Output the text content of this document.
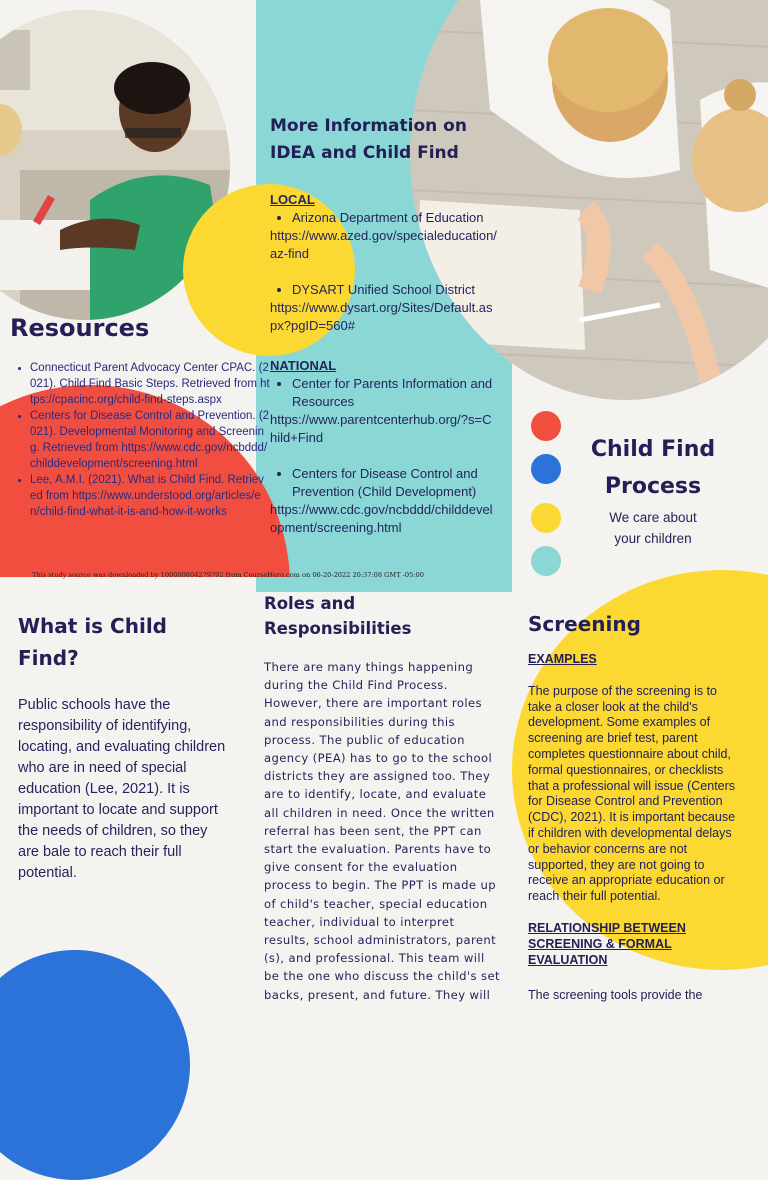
Resources
• Connecticut Parent Advocacy Center CPAC. (2021). Child Find Basic Steps. Retrieved from https://cpacinc.org/child-find-steps.aspx
• Centers for Disease Control and Prevention. (2021). Developmental Monitoring and Screening. Retrieved from https://www.cdc.gov/ncbddd/childdevelopment/screening.html
• Lee, A.M.I. (2021). What is Child Find. Retrieved from https://www.understood.org/articles/en/child-find-what-it-is-and-how-it-works
This study source was downloaded by 100000804279792 from CourseHero.com on 06-20-2022 20:37:08 GMT -05:00
More Information on
IDEA and Child Find
LOCAL
• Arizona Department of Education
https://www.azed.gov/specialeducation/az-find
• DYSART Unified School District
https://www.dysart.org/Sites/Default.aspx?pgID=560#
NATIONAL
• Center for Parents Information and Resources
https://www.parentcenterhub.org/?s=Child+Find
• Centers for Disease Control and Prevention (Child Development)
https://www.cdc.gov/ncbddd/childdevelopment/screening.html
Child Find
Process
We care about
your children
What is Child
Find?
Public schools have the responsibility of identifying, locating, and evaluating children who are in need of special education (Lee, 2021). It is important to locate and support the needs of children, so they are bale to reach their full potential.
Roles and
Responsibilities
There are many things happening during the Child Find Process. However, there are important roles and responsibilities during this process. The public of education agency (PEA) has to go to the school districts they are assigned too. They are to identify, locate, and evaluate all children in need. Once the written referral has been sent, the PPT can start the evaluation. Parents have to give consent for the evaluation process to begin. The PPT is made up of child's teacher, special education teacher, individual to interpret results, school administrators, parent (s), and professional. This team will be the one who discuss the child's set backs, present, and future. They will
Screening
EXAMPLES
The purpose of the screening is to take a closer look at the child's development. Some examples of screening are brief test, parent completes questionnaire about child, formal questionnaires, or checklists that a professional will issue (Centers for Disease Control and Prevention (CDC), 2021). It is important because if children with developmental delays or behavior concerns are not supported, they are not going to receive an appropriate education or reach their full potential.
RELATIONSHIP BETWEEN SCREENING & FORMAL EVALUATION
The screening tools provide the
